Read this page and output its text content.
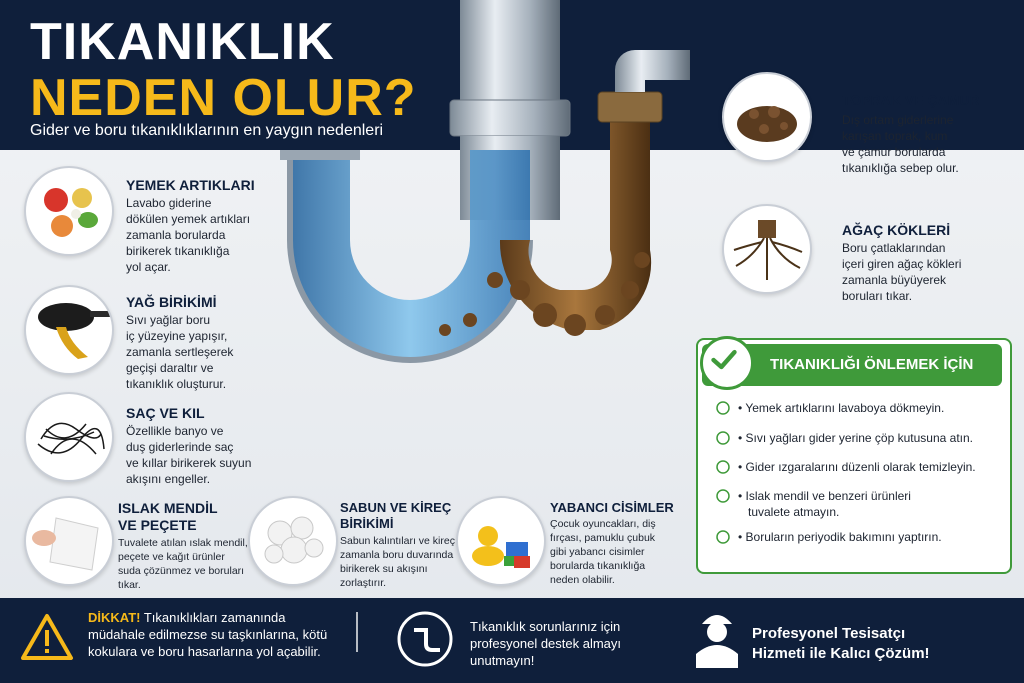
TIKANIKLIK
NEDEN OLUR?
Gider ve boru tıkanıklıklarının en yaygın nedenleri
YEMEK ARTIKLARI
Lavabo giderine
dökülen yemek artıkları
zamanla borularda
birikerek tıkanıklığa
yol açar.
YAĞ BİRİKİMİ
Sıvı yağlar boru
iç yüzeyine yapışır,
zamanla sertleşerek
geçişi daraltır ve
tıkanıklık oluşturur.
SAÇ VE KIL
Özellikle banyo ve
duş giderlerinde saç
ve kıllar birikerek suyun
akışını engeller.
ISLAK MENDİL
VE PEÇETE
Tuvalete atılan ıslak mendil,
peçete ve kağıt ürünler
suda çözünmez ve boruları
tıkar.
SABUN VE KİREÇ
BİRİKİMİ
Sabun kalıntıları ve kireç
zamanla boru duvarında
birikerek su akışını
zorlaştırır.
YABANCI CİSİMLER
Çocuk oyuncakları, diş
fırçası, pamuklu çubuk
gibi yabancı cisimler
borularda tıkanıklığa
neden olabilir.
TOPRAK VE ÇAMUR
Dış ortam giderlerine
karışan toprak, kum
ve çamur borularda
tıkanıklığa sebep olur.
AĞAÇ KÖKLERİ
Boru çatlaklarından
içeri giren ağaç kökleri
zamanla büyüyerek
boruları tıkar.
TIKANIKLIĞI ÖNLEMEK İÇİN
• Yemek artıklarını lavaboya dökmeyin.
• Sıvı yağları gider yerine çöp kutusuna atın.
• Gider ızgaralarını düzenli olarak temizleyin.
• Islak mendil ve benzeri ürünleri
tuvalete atmayın.
• Boruların periyodik bakımını yaptırın.
DİKKAT! Tıkanıklıkları zamanında müdahale edilmezse su taşkınlarına, kötü kokulara ve boru hasarlarına yol açabilir.
Tıkanıklık sorunlarınız için profesyonel destek almayı unutmayın!
Profesyonel Tesisatçı
Hizmeti ile Kalıcı Çözüm!
